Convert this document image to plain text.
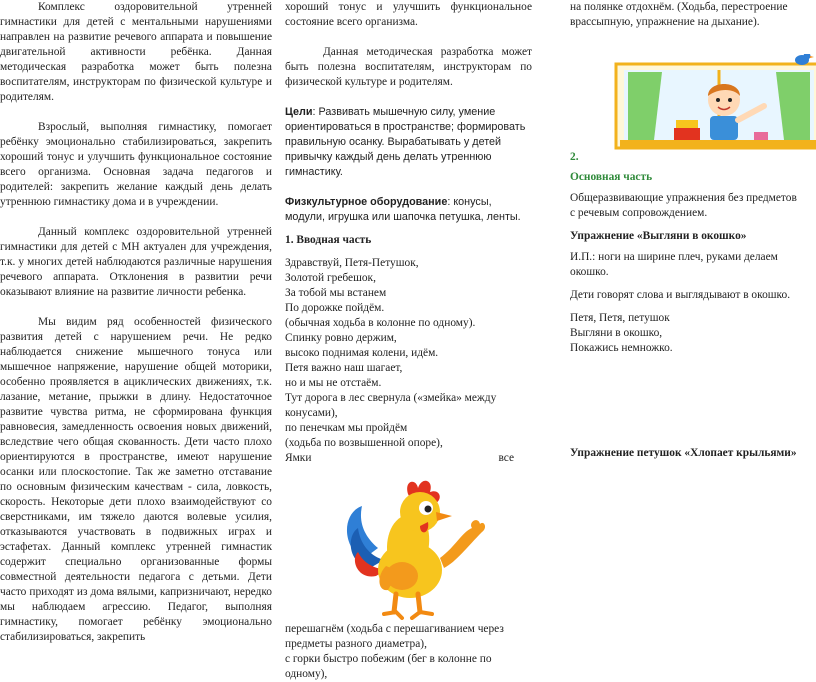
Комплекс оздоровительной утренней гимнастики для детей с ментальными нарушениями направлен на развитие речевого аппарата и повышение двигательной активности ребёнка. Данная методическая разработка может быть полезна воспитателям, инструкторам по физической культуре и родителям.

Взрослый, выполняя гимнастику, помогает ребёнку эмоционально стабилизироваться, закрепить хороший тонус и улучшить функциональное состояние всего организма. Основная задача педагогов и родителей: закрепить желание каждый день делать утреннюю гимнастику дома и в учреждении.

Данный комплекс оздоровительной утренней гимнастики для детей с МН актуален для учреждения, т.к. у многих детей наблюдаются различные нарушения речевого аппарата. Отклонения в развитии речи оказывают влияние на развитие личности ребенка.

Мы видим ряд особенностей физического развития детей с нарушением речи. Не редко наблюдается снижение мышечного тонуса или мышечное напряжение, нарушение общей моторики, особенно проявляется в ациклических движениях, т.к. лазание, метание, прыжки в длину. Недостаточное развитие чувства ритма, не сформирована функция равновесия, замедленность освоения новых движений, вследствие чего общая скованность. Дети часто плохо ориентируются в пространстве, имеют нарушение осанки или плоскостопие. Так же заметно отставание по основным физическим качествам - сила, ловкость, скорость. Некоторые дети плохо взаимодействуют со сверстниками, им тяжело даются волевые усилия, отказываются участвовать в подвижных играх и эстафетах. Данный комплекс утренней гимнастик содержит специально организованные формы совместной деятельности педагога с детьми. Дети часто приходят из дома вялыми, капризничают, нередко мы наблюдаем агрессию. Педагог, выполняя гимнастику, помогает ребёнку эмоционально стабилизироваться, закрепить

хороший тонус и улучшить функциональное состояние всего организма.

Данная методическая разработка может быть полезна воспитателям, инструкторам по физической культуре и родителям.

Цели: Развивать мышечную силу, умение ориентироваться в пространстве; формировать правильную осанку. Вырабатывать у детей привычку каждый день делать утреннюю гимнастику.

Физкультурное оборудование: конусы, модули, игрушка или шапочка петушка, ленты.

1. Вводная часть

Здравствуй, Петя-Петушок,

Золотой гребешок,

За тобой мы встанем

По дорожке пойдём.

(обычная ходьба в колонне по одному).

Спинку ровно держим,

высоко поднимая колени, идём.

Петя важно наш шагает,

но и мы не отстаём.

Тут дорога в лес свернула («змейка» между конусами),

по пенечкам мы пройдём

(ходьба по возвышенной опоре),

Ямки	все

перешагнём (ходьба с перешагиванием через предметы разного диаметра),

с горки быстро побежим (бег в колонне по одному),

на полянке отдохнём. (Ходьба, перестроение врассыпную, упражнение на дыхание).

2.

Основная часть

Общеразвивающие упражнения без предметов с речевым сопровождением.

Упражнение «Выгляни в окошко»

И.П.: ноги на ширине плеч, руками делаем окошко.

Дети говорят слова и выглядывают в окошко.

Петя, Петя, петушок

Выгляни в окошко,

Покажись немножко.

Упражнение петушок «Хлопает крыльями»
